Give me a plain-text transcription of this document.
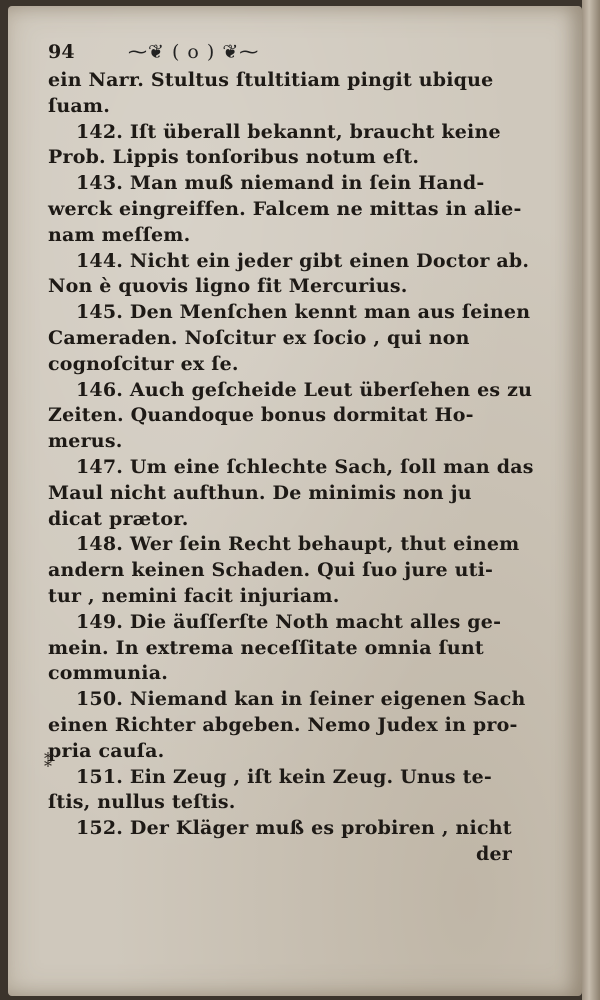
94	⁓❦ ( o ) ❦⁓
ein Narr. Stultus ſtultitiam pingit ubique
ſuam.
142. Iſt überall bekannt, braucht keine
Prob. Lippis tonſoribus notum eſt.
143. Man muß niemand in ſein Hand-
werck eingreiffen. Falcem ne mittas in alie-
nam meſſem.
144. Nicht ein jeder gibt einen Doctor ab.
Non è quovis ligno fit Mercurius.
145. Den Menſchen kennt man aus ſeinen
Cameraden. Noſcitur ex ſocio , qui non
cognoſcitur ex ſe.
146. Auch geſcheide Leut überſehen es zu
Zeiten. Quandoque bonus dormitat Ho-
merus.
147. Um eine ſchlechte Sach, ſoll man das
Maul nicht aufthun. De minimis non ju
dicat prætor.
148. Wer ſein Recht behaupt, thut einem
andern keinen Schaden. Qui ſuo jure uti-
tur , nemini facit injuriam.
149. Die äuſſerſte Noth macht alles ge-
mein. In extrema neceſſitate omnia ſunt
communia.
150. Niemand kan in ſeiner eigenen Sach
einen Richter abgeben. Nemo Judex in pro-
pria cauſa.
151. Ein Zeug , iſt kein Zeug. Unus te-
ſtis, nullus teſtis.
152. Der Kläger muß es probiren , nicht
der
⁑
